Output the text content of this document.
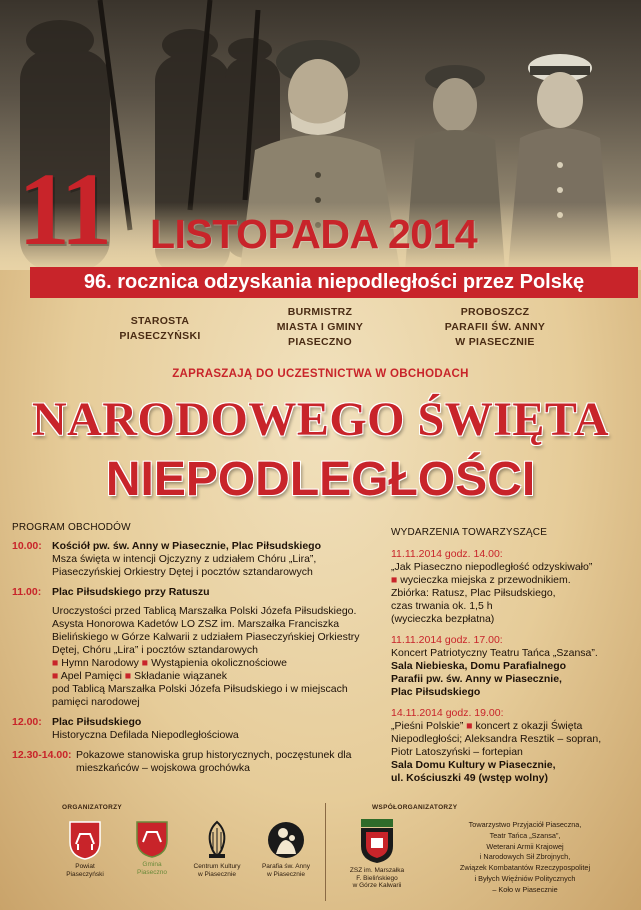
11 LISTOPADA 2014
96. rocznica odzyskania niepodległości przez Polskę
STAROSTA
PIASECZYŃSKI
BURMISTRZ
MIASTA I GMINY
PIASECZNO
PROBOSZCZ
PARAFII ŚW. ANNY
W PIASECZNIE
ZAPRASZAJĄ DO UCZESTNICTWA W OBCHODACH
NARODOWEGO ŚWIĘTA
NIEPODLEGŁOŚCI
PROGRAM OBCHODÓW
10.00: Kościół pw. św. Anny w Piasecznie, Plac Piłsudskiego
Msza święta w intencji Ojczyzny z udziałem Chóru „Lira”, Piaseczyńskiej Orkiestry Dętej i pocztów sztandarowych
11.00:	Plac Piłsudskiego przy Ratuszu
Uroczystości przed Tablicą Marszałka Polski Józefa Piłsudskiego. Asysta Honorowa Kadetów LO ZSZ im. Marszałka Franciszka Bielińskiego w Górze Kalwarii z udziałem Piaseczyńskiej Orkiestry Dętej, Chóru „Lira” i pocztów sztandarowych
■ Hymn Narodowy ■ Wystąpienia okolicznościowe
■ Apel Pamięci ■ Składanie wiązanek
pod Tablicą Marszałka Polski Józefa Piłsudskiego i w miejscach pamięci narodowej
12.00: Plac Piłsudskiego
Historyczna Defilada Niepodległościowa
12.30-14.00: Pokazowe stanowiska grup historycznych, poczęstunek dla mieszkańców – wojskowa grochówka
WYDARZENIA TOWARZYSZĄCE
11.11.2014 godz. 14.00:
„Jak Piaseczno niepodległość odzyskiwało”
■ wycieczka miejska z przewodnikiem.
Zbiórka: Ratusz, Plac Piłsudskiego,
czas trwania ok. 1,5 h
(wycieczka bezpłatna)
11.11.2014 godz. 17.00:
Koncert Patriotyczny Teatru Tańca „Szansa”.
Sala Niebieska, Domu Parafialnego
Parafii pw. św. Anny w Piasecznie,
Plac Piłsudskiego
14.11.2014 godz. 19.00:
„Pieśni Polskie” ■ koncert z okazji Święta
Niepodległości; Aleksandra Resztik – sopran,
Piotr Latoszyński – fortepian
Sala Domu Kultury w Piasecznie,
ul. Kościuszki 49 (wstęp wolny)
ORGANIZATORZY	WSPÓŁORGANIZATORZY
Powiat
Piaseczyński
Gmina
Piaseczno
Centrum Kultury
w Piasecznie
Parafia św. Anny
w Piasecznie	ZSZ im. Marszałka
F. Bielińskiego
w Górze Kalwarii
Towarzystwo Przyjaciół Piaseczna,
Teatr Tańca „Szansa”,
Weterani Armii Krajowej
i Narodowych Sił Zbrojnych,
Związek Kombatantów Rzeczypospolitej
i Byłych Więźniów Politycznych
– Koło w Piasecznie
